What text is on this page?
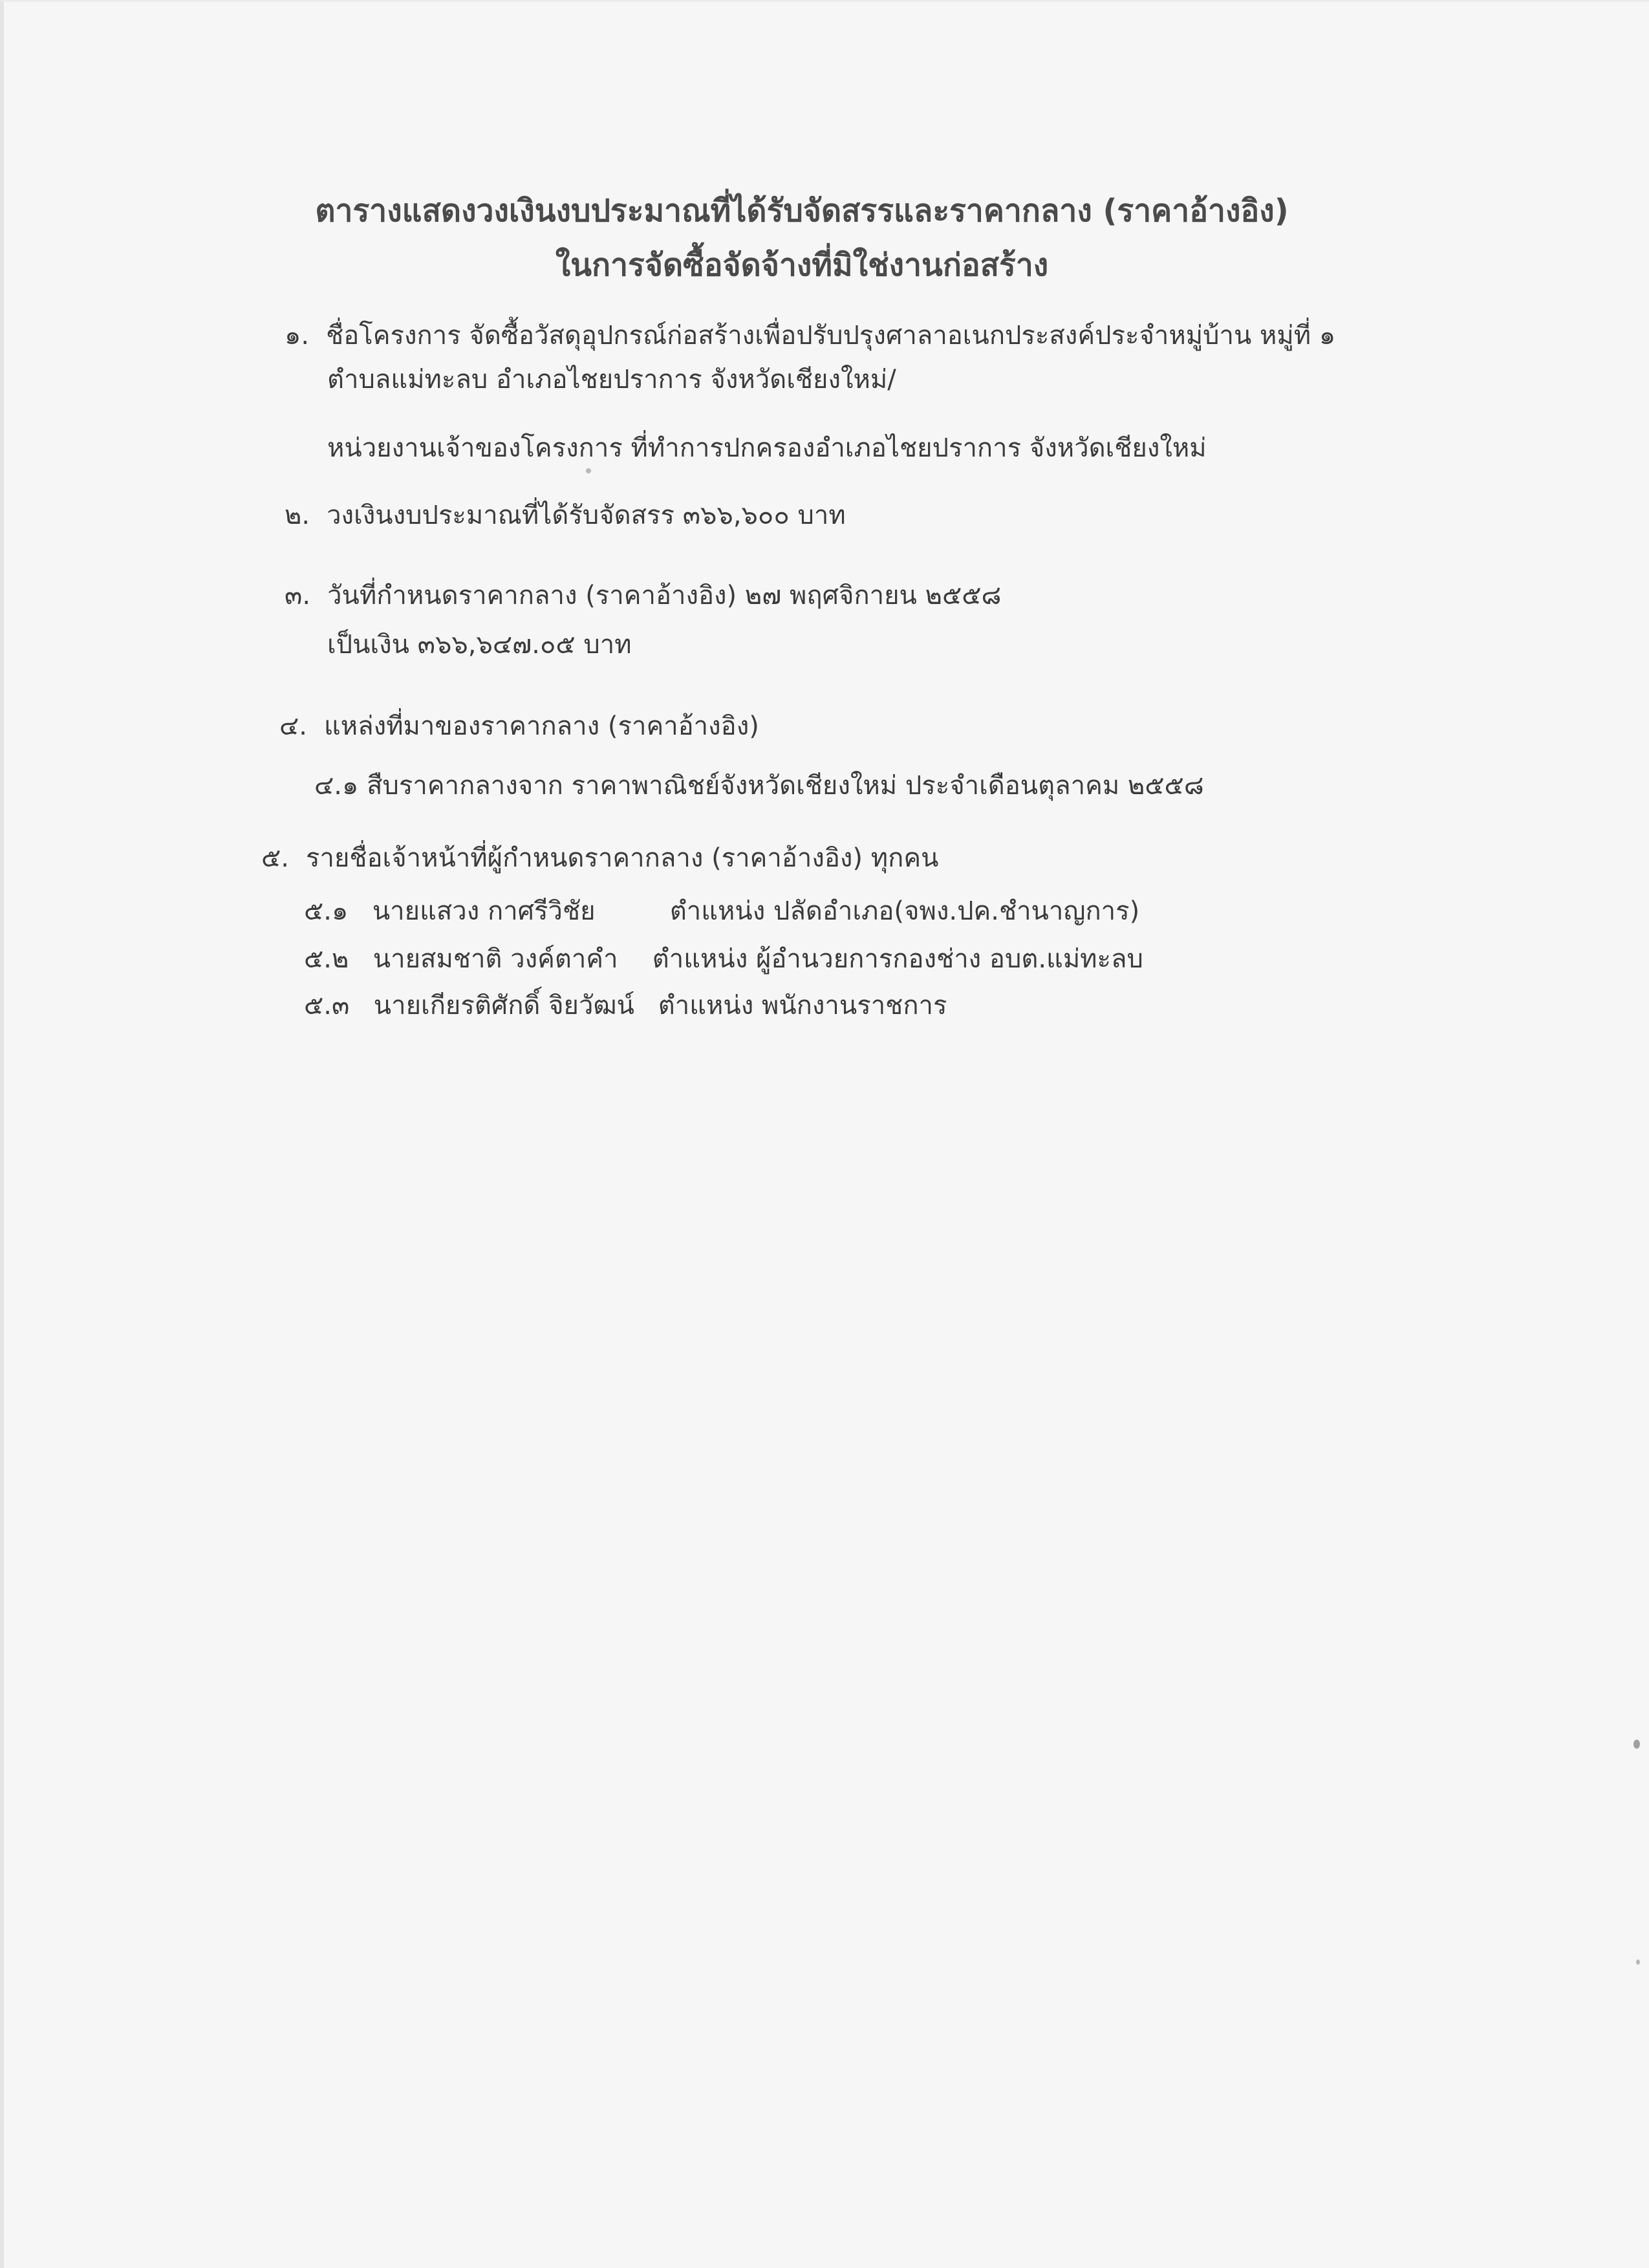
ตารางแสดงวงเงินงบประมาณที่ได้รับจัดสรรและราคากลาง (ราคาอ้างอิง)
ในการจัดซื้อจัดจ้างที่มิใช่งานก่อสร้าง
๑. ชื่อโครงการ จัดซื้อวัสดุอุปกรณ์ก่อสร้างเพื่อปรับปรุงศาลาอเนกประสงค์ประจำหมู่บ้าน หมู่ที่ ๑
ตำบลแม่ทะลบ อำเภอไชยปราการ จังหวัดเชียงใหม่/
หน่วยงานเจ้าของโครงการ ที่ทำการปกครองอำเภอไชยปราการ จังหวัดเชียงใหม่
๒. วงเงินงบประมาณที่ได้รับจัดสรร ๓๖๖,๖๐๐ บาท
๓. วันที่กำหนดราคากลาง (ราคาอ้างอิง) ๒๗ พฤศจิกายน ๒๕๕๘
เป็นเงิน ๓๖๖,๖๔๗.๐๕ บาท
๔. แหล่งที่มาของราคากลาง (ราคาอ้างอิง)
๔.๑ สืบราคากลางจาก ราคาพาณิชย์จังหวัดเชียงใหม่ ประจำเดือนตุลาคม ๒๕๕๘
๕. รายชื่อเจ้าหน้าที่ผู้กำหนดราคากลาง (ราคาอ้างอิง) ทุกคน
๕.๑ นายแสวง กาศรีวิชัย	ตำแหน่ง ปลัดอำเภอ(จพง.ปค.ชำนาญการ)
๕.๒ นายสมชาติ วงค์ตาคำ ตำแหน่ง ผู้อำนวยการกองช่าง อบต.แม่ทะลบ
๕.๓ นายเกียรติศักดิ์ จิยวัฒน์ ตำแหน่ง พนักงานราชการ
